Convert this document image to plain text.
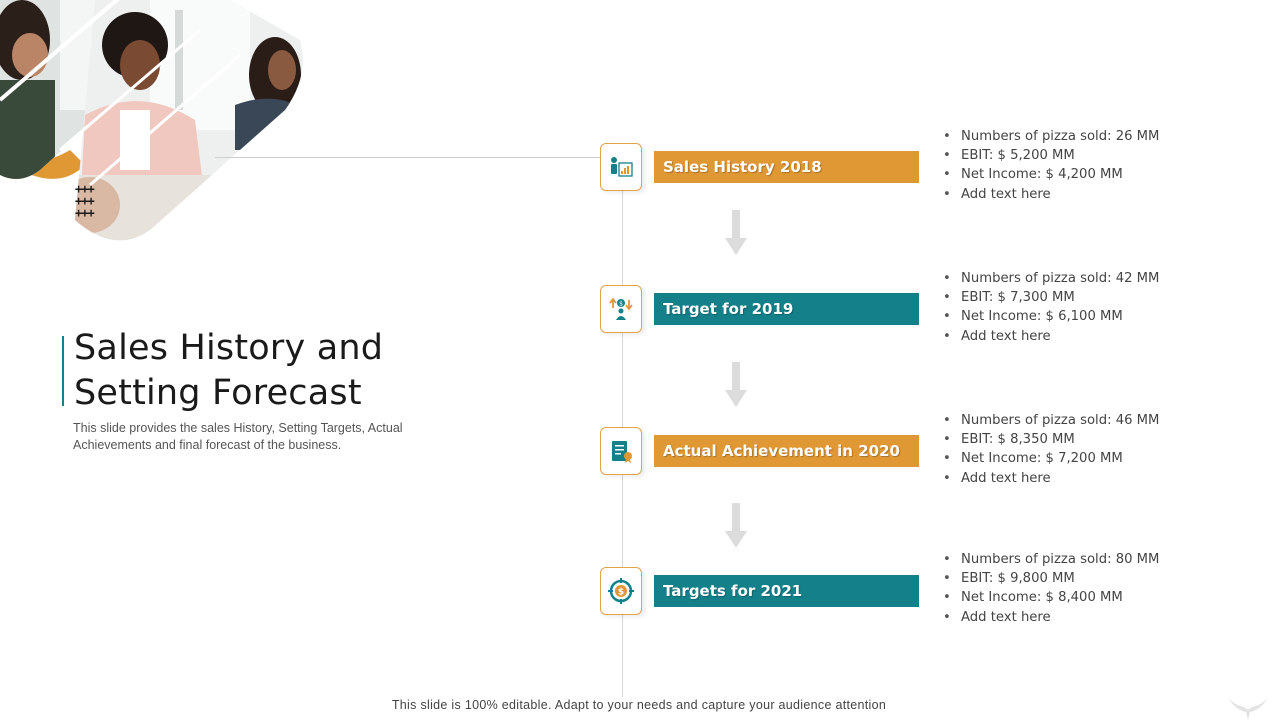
+++
+++
+++
Sales History and
Setting Forecast

This slide provides the sales History, Setting Targets, Actual Achievements and final forecast of the business.

Sales History 2018
• Numbers of pizza sold: 26 MM
• EBIT: $ 5,200 MM
• Net Income: $ 4,200 MM
• Add text here
$	Target for 2019
• Numbers of pizza sold: 42 MM
• EBIT: $ 7,300 MM
• Net Income: $ 6,100 MM
• Add text here
Actual Achievement in 2020
• Numbers of pizza sold: 46 MM
• EBIT: $ 8,350 MM
• Net Income: $ 7,200 MM
• Add text here
$	Targets for 2021
• Numbers of pizza sold: 80 MM
• EBIT: $ 9,800 MM
• Net Income: $ 8,400 MM
• Add text here
This slide is 100% editable. Adapt to your needs and capture your audience attention
